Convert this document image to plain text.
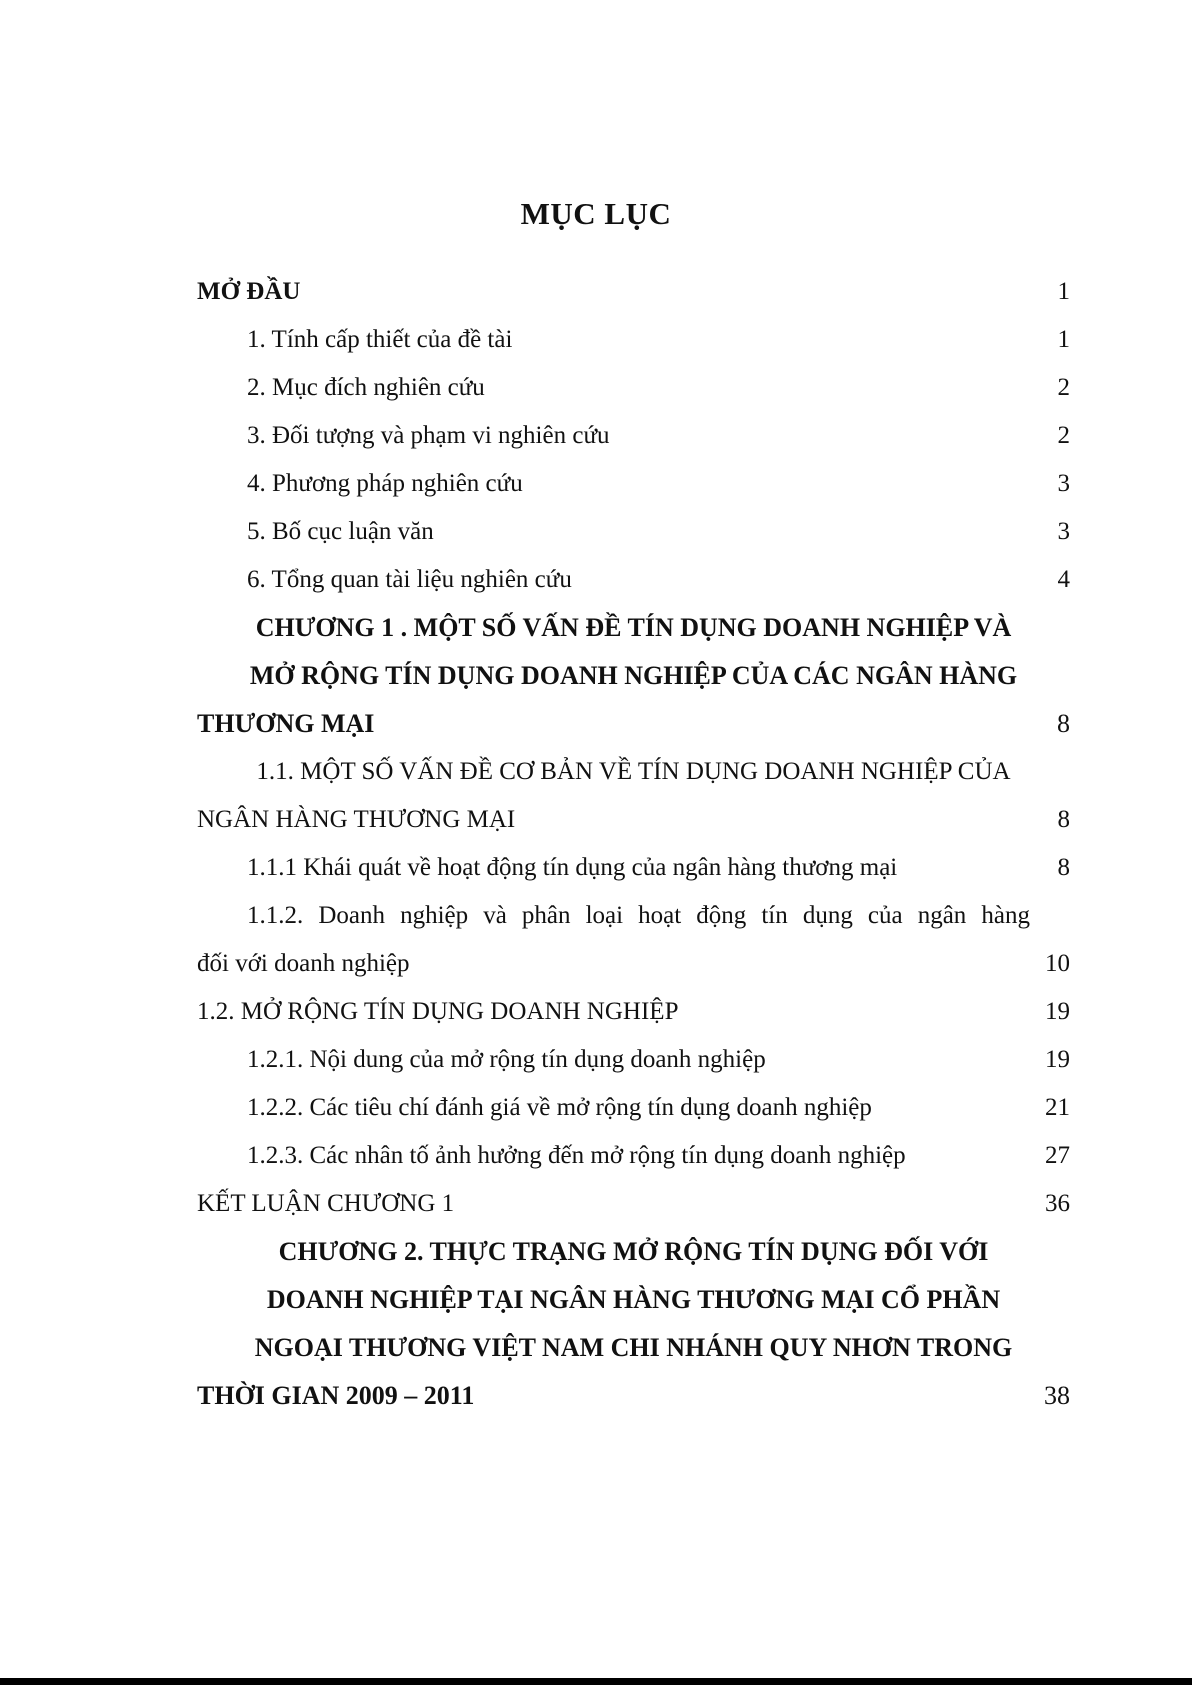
MỤC LỤC
MỞ ĐẦU	1
1. Tính cấp thiết của đề tài	1
2. Mục đích nghiên cứu	2
3. Đối tượng và phạm vi nghiên cứu	2
4. Phương pháp nghiên cứu	3
5. Bố cục luận văn	3
6. Tổng quan tài liệu nghiên cứu	4
CHƯƠNG 1 . MỘT SỐ VẤN ĐỀ TÍN DỤNG DOANH NGHIỆP VÀ
MỞ RỘNG TÍN DỤNG DOANH NGHIỆP CỦA CÁC NGÂN HÀNG
THƯƠNG MẠI	8
1.1. MỘT SỐ VẤN ĐỀ CƠ BẢN VỀ TÍN DỤNG DOANH NGHIỆP CỦA
NGÂN HÀNG THƯƠNG MẠI	8
1.1.1 Khái quát về hoạt động tín dụng của ngân hàng thương mại	8
1.1.2. Doanh nghiệp và phân loại hoạt động tín dụng của ngân hàng
đối với doanh nghiệp	10
1.2. MỞ RỘNG TÍN DỤNG DOANH NGHIỆP	19
1.2.1. Nội dung của mở rộng tín dụng doanh nghiệp	19
1.2.2. Các tiêu chí đánh giá về mở rộng tín dụng doanh nghiệp	21
1.2.3. Các nhân tố ảnh hưởng đến mở rộng tín dụng doanh nghiệp	27
KẾT LUẬN CHƯƠNG 1	36
CHƯƠNG 2. THỰC TRẠNG MỞ RỘNG TÍN DỤNG ĐỐI VỚI
DOANH NGHIỆP TẠI NGÂN HÀNG THƯƠNG MẠI CỔ PHẦN
NGOẠI THƯƠNG VIỆT NAM CHI NHÁNH QUY NHƠN TRONG
THỜI GIAN 2009 – 2011	38
